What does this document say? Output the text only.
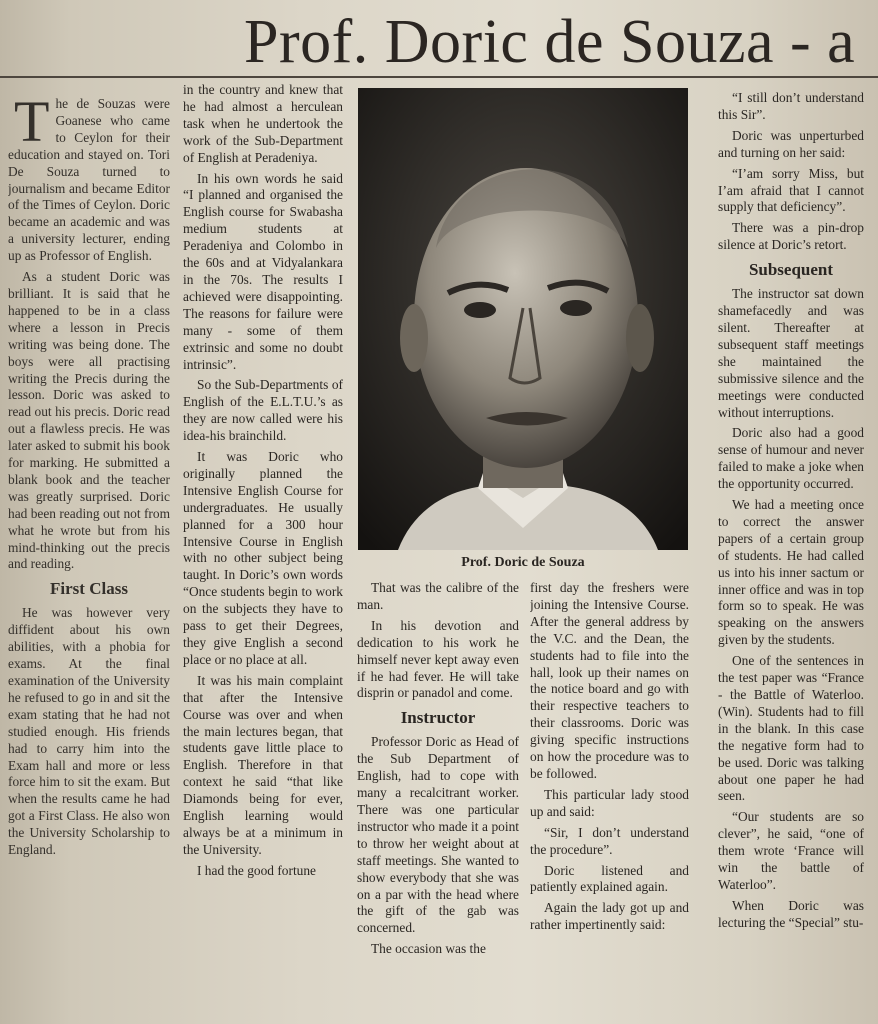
Prof. Doric de Souza - a

The de Souzas were Goanese who came to Ceylon for their education and stayed on. Tori De Souza turned to journalism and became Editor of the Times of Ceylon. Doric became an academic and was a university lecturer, ending up as Professor of English.

As a student Doric was brilliant. It is said that he happened to be in a class where a lesson in Precis writing was being done. The boys were all practising writing the Precis during the lesson. Doric was asked to read out his precis. Doric read out a flawless precis. He was later asked to submit his book for marking. He submitted a blank book and the teacher was greatly surprised. Doric had been reading out not from what he wrote but from his mind-thinking out the precis and reading.

First Class

He was however very diffident about his own abilities, with a phobia for exams. At the final examination of the University he refused to go in and sit the exam stating that he had not studied enough. His friends had to carry him into the Exam hall and more or less force him to sit the exam. But when the results came he had got a First Class. He also won the University Scholarship to England.

in the country and knew that he had almost a herculean task when he undertook the work of the Sub-Department of English at Peradeniya.

In his own words he said “I planned and organised the English course for Swabasha medium students at Peradeniya and Colombo in the 60s and at Vidyalankara in the 70s. The results I achieved were disappointing. The reasons for failure were many - some of them extrinsic and some no doubt intrinsic”.

So the Sub-Departments of English of the E.L.T.U.’s as they are now called were his idea-his brainchild.

It was Doric who originally planned the Intensive English Course for undergraduates. He usually planned for a 300 hour Intensive Course in English with no other subject being taught. In Doric’s own words “Once students begin to work on the subjects they have to pass to get their Degrees, they give English a second place or no place at all.

It was his main complaint that after the Intensive Course was over and when the main lectures began, that students gave little place to English. Therefore in that context he said “that like Diamonds being for ever, English learning would always be at a minimum in the University.

I had the good fortune

Prof. Doric de Souza

That was the calibre of the man.

In his devotion and dedication to his work he himself never kept away even if he had fever. He will take disprin or panadol and come.

Instructor

Professor Doric as Head of the Sub Department of English, had to cope with many a recalcitrant worker. There was one particular instructor who made it a point to throw her weight about at staff meetings. She wanted to show everybody that she was on a par with the head where the gift of the gab was concerned.

The occasion was the

first day the freshers were joining the Intensive Course. After the general address by the V.C. and the Dean, the students had to file into the hall, look up their names on the notice board and go with their respective teachers to their classrooms. Doric was giving specific instructions on how the procedure was to be followed.

This particular lady stood up and said:

“Sir, I don’t understand the procedure”.

Doric listened and patiently explained again.

Again the lady got up and rather impertinently said:

“I still don’t understand this Sir”.

Doric was unperturbed and turning on her said:

“I’am sorry Miss, but I’am afraid that I cannot supply that deficiency”.

There was a pin-drop silence at Doric’s retort.

Subsequent

The instructor sat down shamefacedly and was silent. Thereafter at subsequent staff meetings she maintained the submissive silence and the meetings were conducted without interruptions.

Doric also had a good sense of humour and never failed to make a joke when the opportunity occurred.

We had a meeting once to correct the answer papers of a certain group of students. He had called us into his inner sactum or inner office and was in top form so to speak. He was speaking on the answers given by the students.

One of the sentences in the test paper was “France - the Battle of Waterloo. (Win). Students had to fill in the blank. In this case the negative form had to be used. Doric was talking about one paper he had seen.

“Our students are so clever”, he said, “one of them wrote ‘France will win the battle of Waterloo”.

When Doric was lecturing the “Special” stu-
